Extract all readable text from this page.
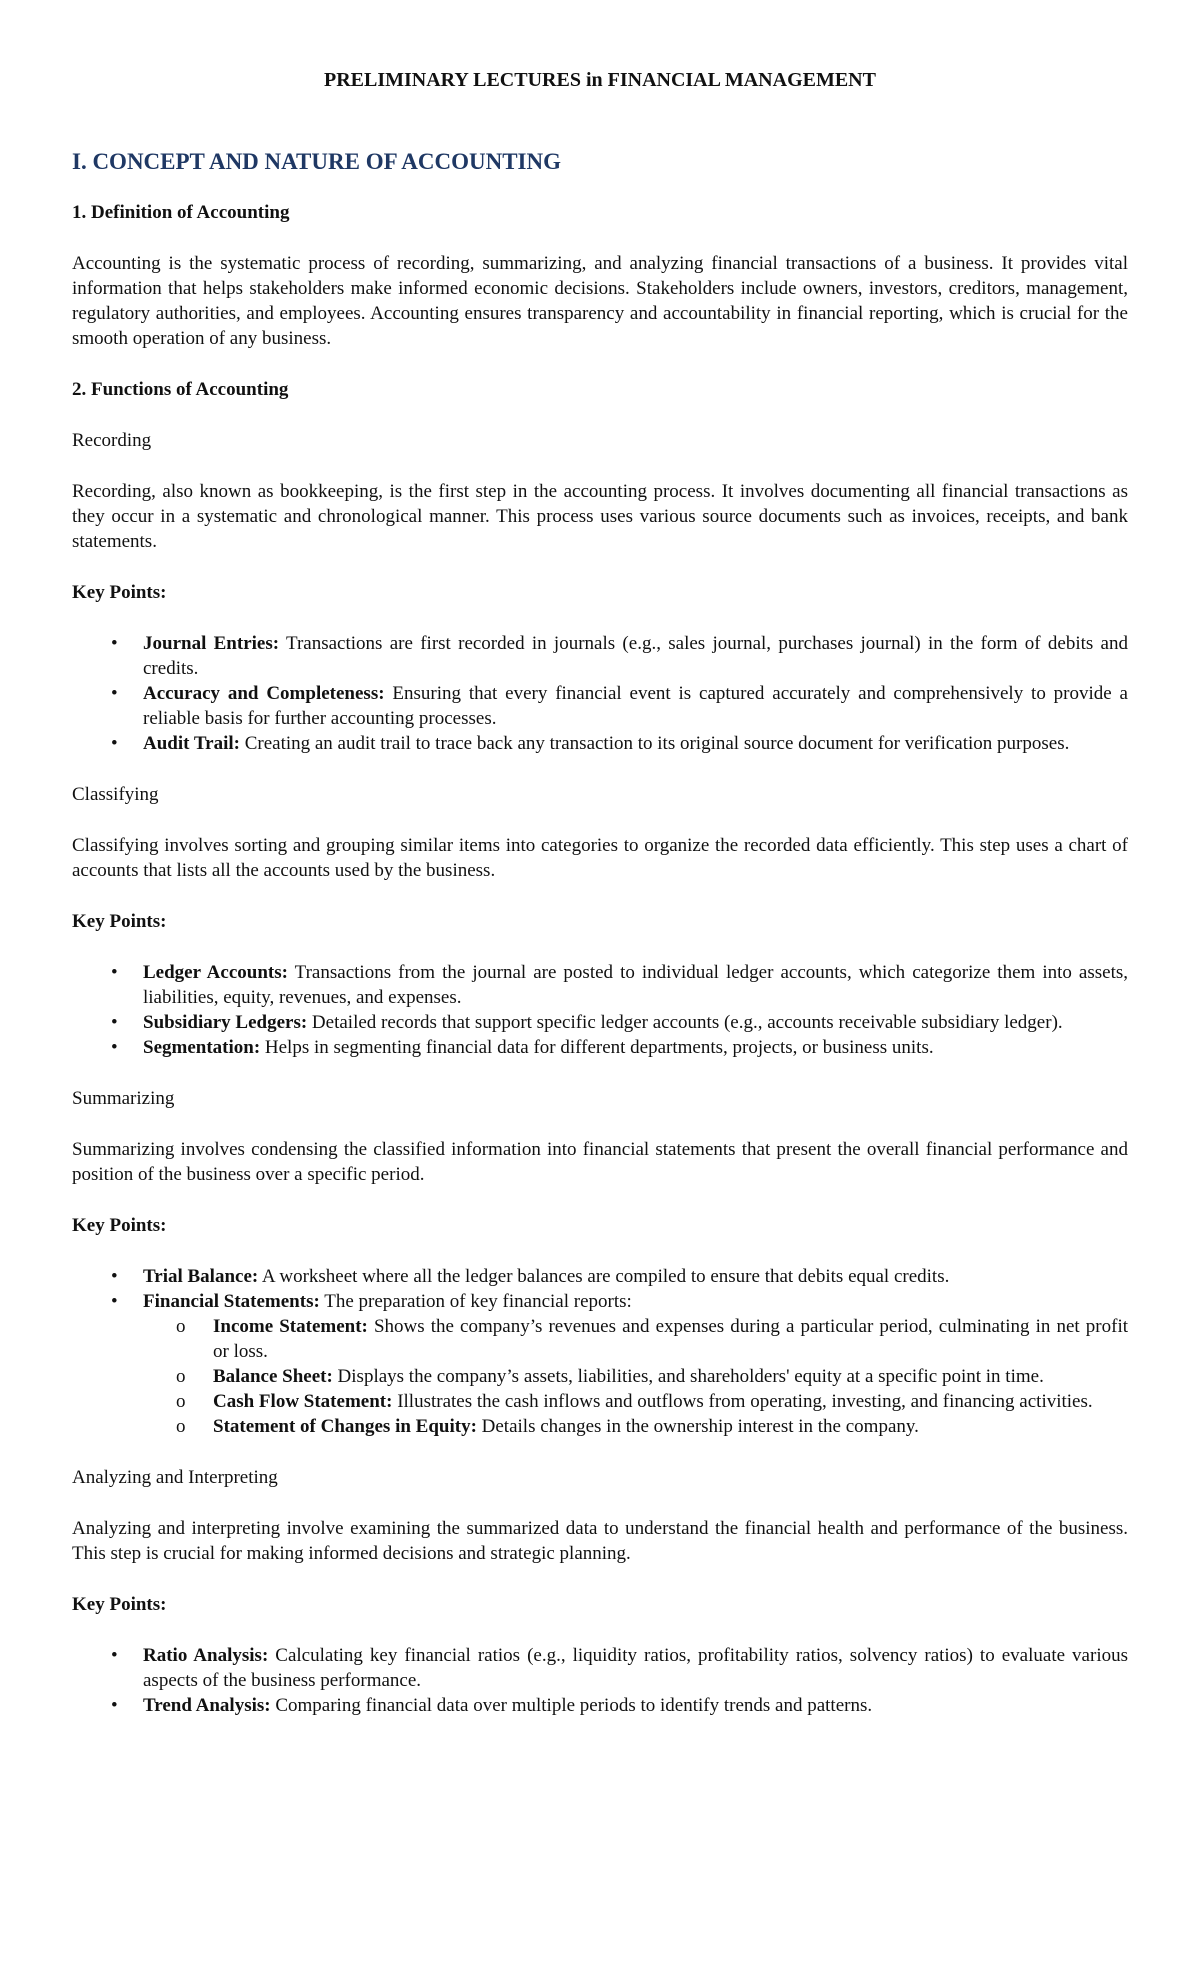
PRELIMINARY LECTURES in FINANCIAL MANAGEMENT
I. CONCEPT AND NATURE OF ACCOUNTING
1. Definition of Accounting

Accounting is the systematic process of recording, summarizing, and analyzing financial transactions of a business. It provides vital information that helps stakeholders make informed economic decisions. Stakeholders include owners, investors, creditors, management, regulatory authorities, and employees. Accounting ensures transparency and accountability in financial reporting, which is crucial for the smooth operation of any business.

2. Functions of Accounting
Recording

Recording, also known as bookkeeping, is the first step in the accounting process. It involves documenting all financial transactions as they occur in a systematic and chronological manner. This process uses various source documents such as invoices, receipts, and bank statements.

Key Points:
• Journal Entries: Transactions are first recorded in journals (e.g., sales journal, purchases journal) in the form of debits and credits.
• Accuracy and Completeness: Ensuring that every financial event is captured accurately and comprehensively to provide a reliable basis for further accounting processes.
• Audit Trail: Creating an audit trail to trace back any transaction to its original source document for verification purposes.
Classifying

Classifying involves sorting and grouping similar items into categories to organize the recorded data efficiently. This step uses a chart of accounts that lists all the accounts used by the business.

Key Points:
• Ledger Accounts: Transactions from the journal are posted to individual ledger accounts, which categorize them into assets, liabilities, equity, revenues, and expenses.
• Subsidiary Ledgers: Detailed records that support specific ledger accounts (e.g., accounts receivable subsidiary ledger).
• Segmentation: Helps in segmenting financial data for different departments, projects, or business units.
Summarizing

Summarizing involves condensing the classified information into financial statements that present the overall financial performance and position of the business over a specific period.

Key Points:
• Trial Balance: A worksheet where all the ledger balances are compiled to ensure that debits equal credits.
• Financial Statements: The preparation of key financial reports:
o Income Statement: Shows the company’s revenues and expenses during a particular period, culminating in net profit or loss.
o Balance Sheet: Displays the company’s assets, liabilities, and shareholders' equity at a specific point in time.
o Cash Flow Statement: Illustrates the cash inflows and outflows from operating, investing, and financing activities.
o Statement of Changes in Equity: Details changes in the ownership interest in the company.
Analyzing and Interpreting

Analyzing and interpreting involve examining the summarized data to understand the financial health and performance of the business. This step is crucial for making informed decisions and strategic planning.

Key Points:
• Ratio Analysis: Calculating key financial ratios (e.g., liquidity ratios, profitability ratios, solvency ratios) to evaluate various aspects of the business performance.
• Trend Analysis: Comparing financial data over multiple periods to identify trends and patterns.
